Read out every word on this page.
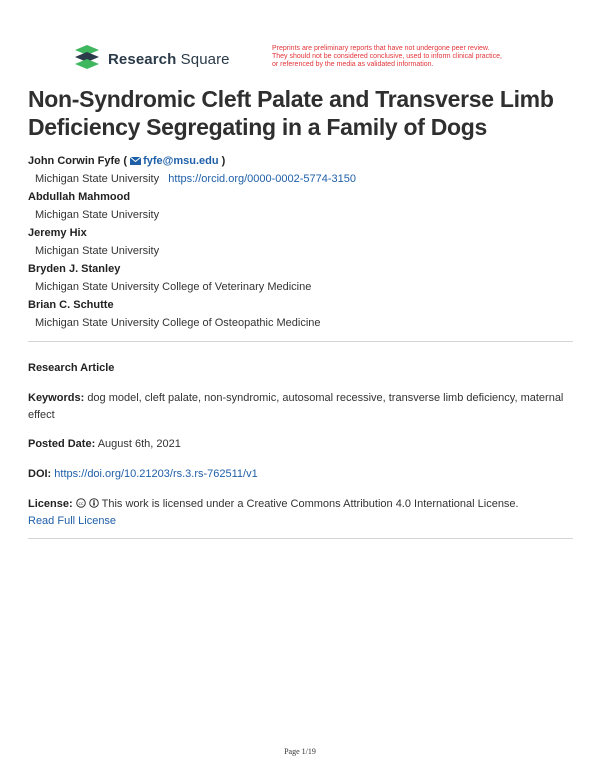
Research Square
Preprints are preliminary reports that have not undergone peer review.
They should not be considered conclusive, used to inform clinical practice,
or referenced by the media as validated information.
Non-Syndromic Cleft Palate and Transverse Limb Deficiency Segregating in a Family of Dogs
John Corwin Fyfe ( fyfe@msu.edu )
Michigan State University https://orcid.org/0000-0002-5774-3150
Abdullah Mahmood
Michigan State University
Jeremy Hix
Michigan State University
Bryden J. Stanley
Michigan State University College of Veterinary Medicine
Brian C. Schutte
Michigan State University College of Osteopathic Medicine
Research Article
Keywords: dog model, cleft palate, non-syndromic, autosomal recessive, transverse limb deficiency, maternal effect
Posted Date: August 6th, 2021
DOI: https://doi.org/10.21203/rs.3.rs-762511/v1
License: cc This work is licensed under a Creative Commons Attribution 4.0 International License.
Read Full License
Page 1/19
